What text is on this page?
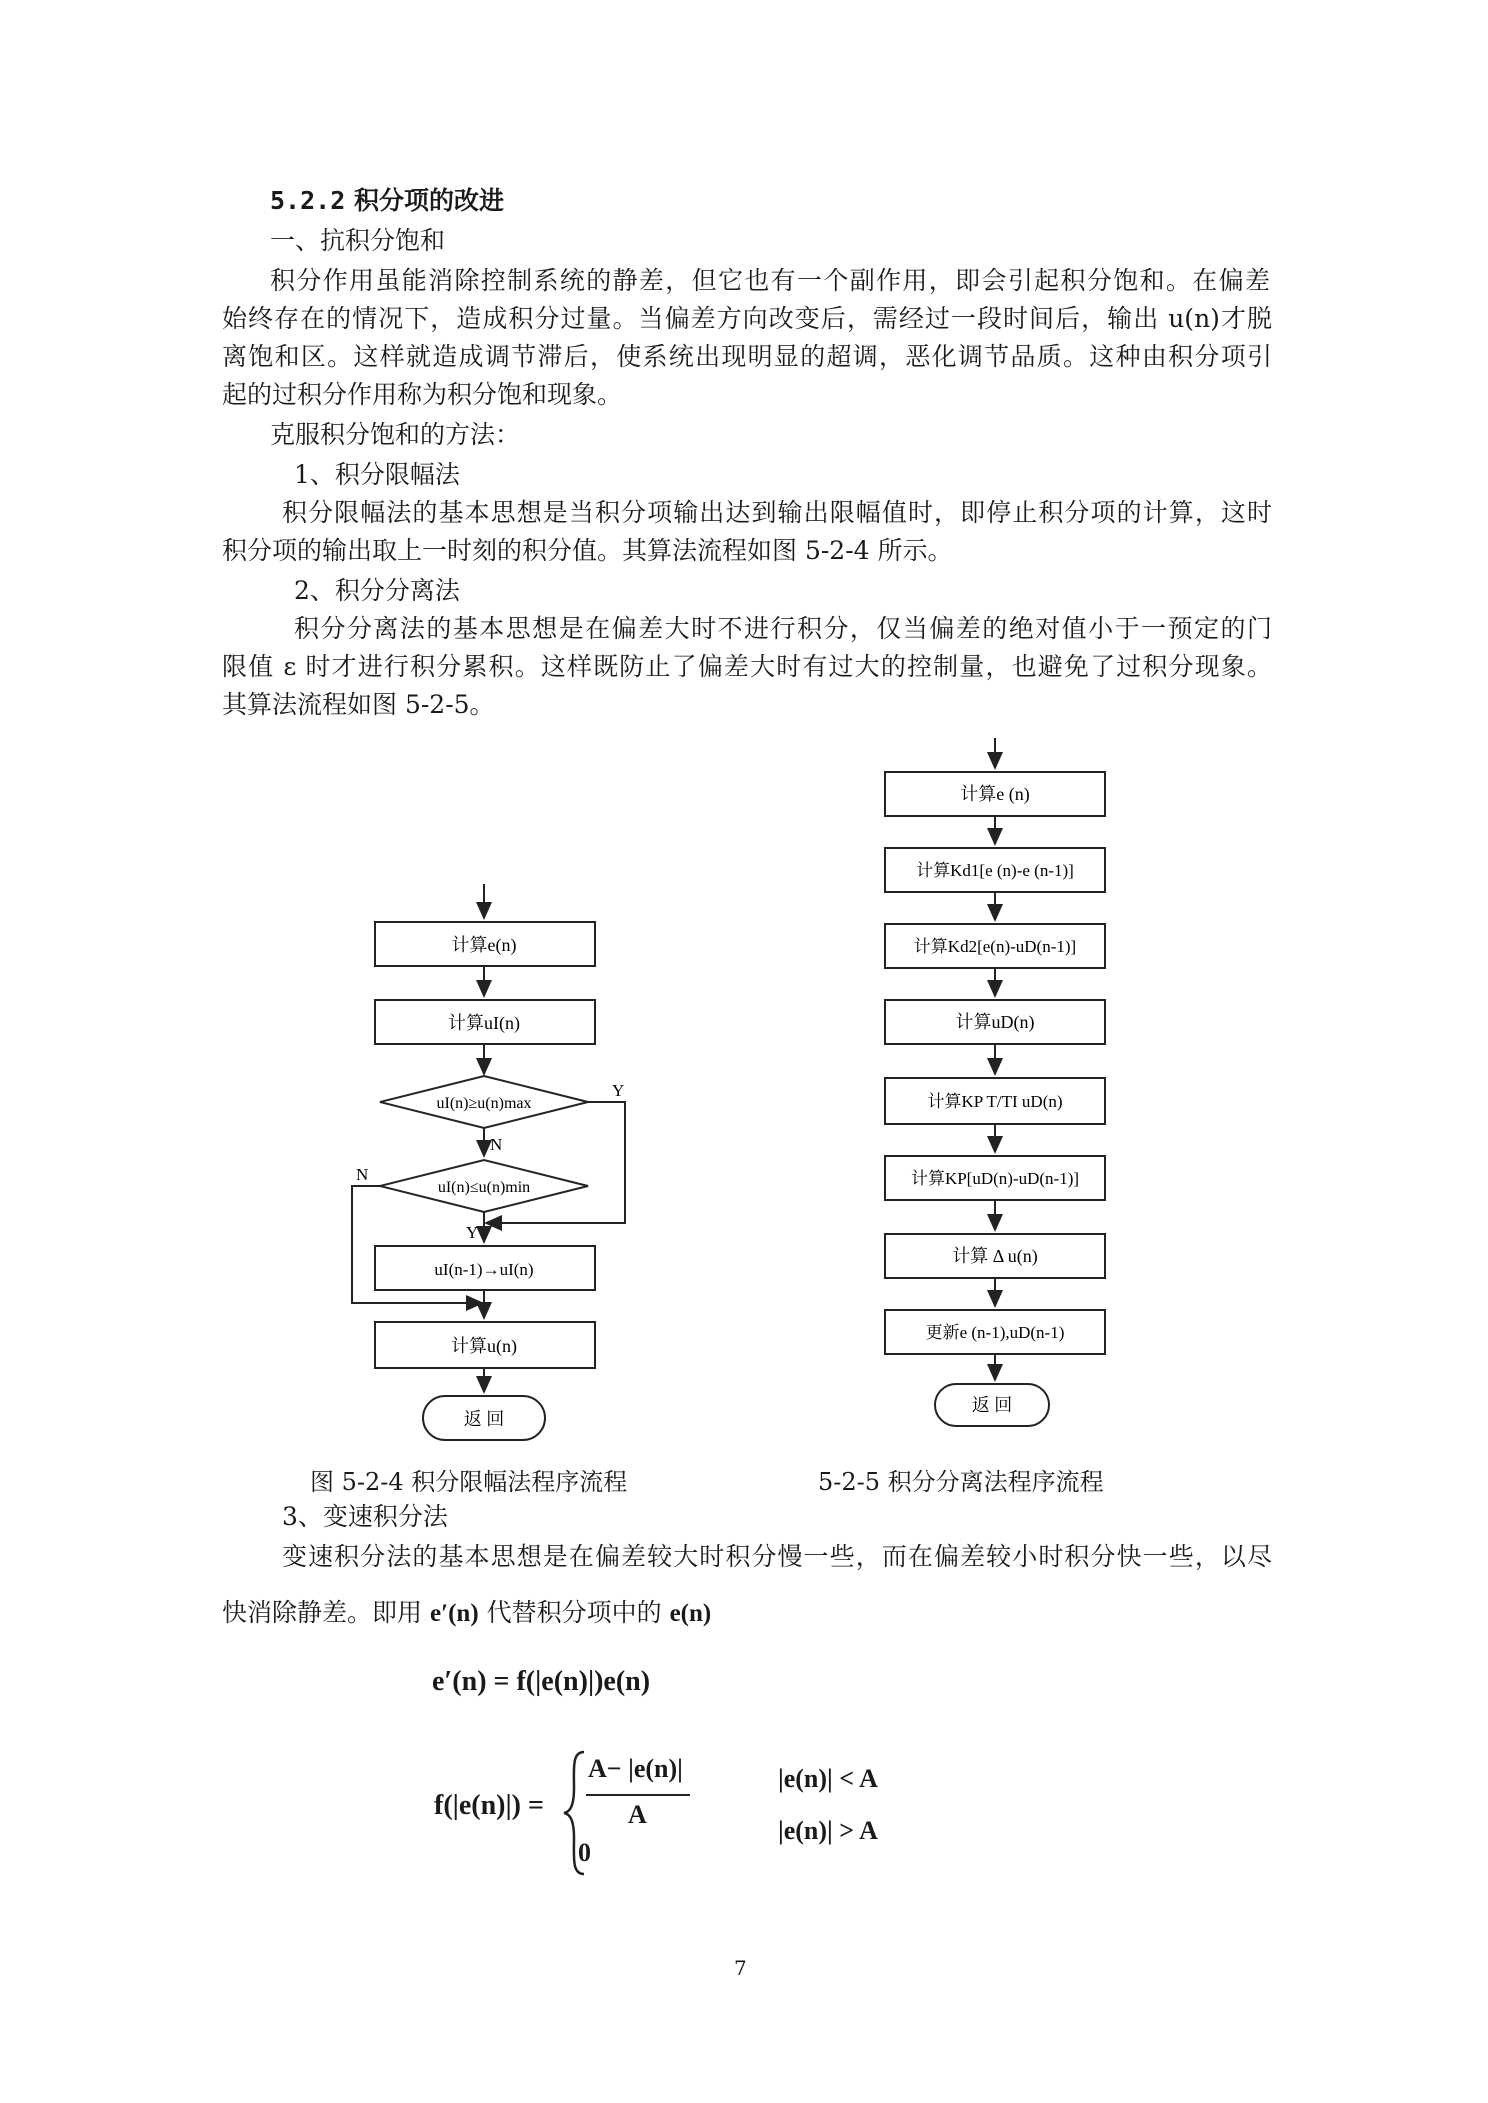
5.2.2 积分项的改进
一、抗积分饱和
积分作用虽能消除控制系统的静差，但它也有一个副作用，即会引起积分饱和。在偏差
始终存在的情况下，造成积分过量。当偏差方向改变后，需经过一段时间后，输出 u(n)才脱
离饱和区。这样就造成调节滞后，使系统出现明显的超调，恶化调节品质。这种由积分项引
起的过积分作用称为积分饱和现象。
克服积分饱和的方法：
1、积分限幅法
积分限幅法的基本思想是当积分项输出达到输出限幅值时，即停止积分项的计算，这时
积分项的输出取上一时刻的积分值。其算法流程如图 5-2-4 所示。
2、积分分离法
积分分离法的基本思想是在偏差大时不进行积分，仅当偏差的绝对值小于一预定的门
限值 ε 时才进行积分累积。这样既防止了偏差大时有过大的控制量，也避免了过积分现象。
其算法流程如图 5-2-5。
计算e(n)
计算uI(n)
uI(n)≥u(n)max
uI(n)≤u(n)min
uI(n-1)→uI(n)
计算u(n)
返 回
Y
N
N
Y
计算e (n)
计算Kd1[e (n)-e (n-1)]
计算Kd2[e(n)-uD(n-1)]
计算uD(n)
计算KP T/TI uD(n)
计算KP[uD(n)-uD(n-1)]
计算 Δ u(n)
更新e (n-1),uD(n-1)
返 回
图 5-2-4 积分限幅法程序流程	5-2-5 积分分离法程序流程
3、变速积分法
变速积分法的基本思想是在偏差较大时积分慢一些，而在偏差较小时积分快一些，以尽
快消除静差。即用 e′(n) 代替积分项中的 e(n)
e′(n) = f(|e(n)|)e(n)
f(|e(n)|) =
A− |e(n)|
A
|e(n)| < A
0
|e(n)| > A
7
